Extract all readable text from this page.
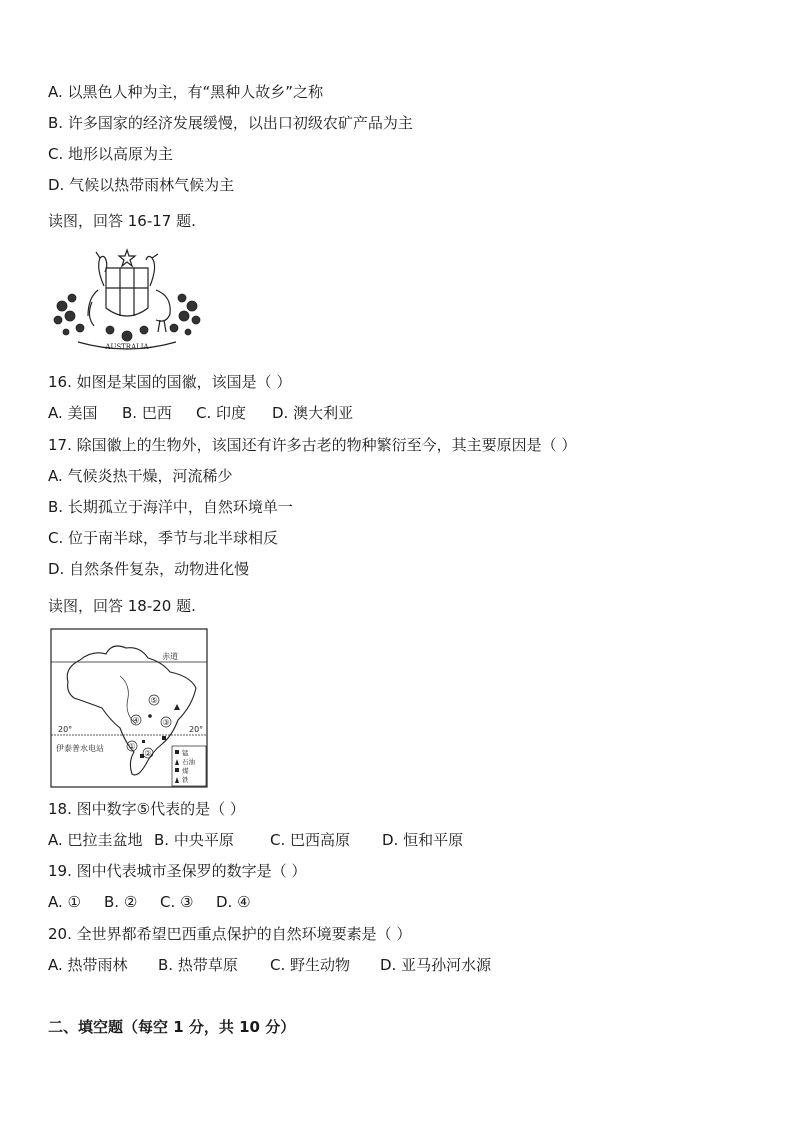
A. 以黑色人种为主，有“黑种人故乡”之称
B. 许多国家的经济发展缓慢，以出口初级农矿产品为主
C. 地形以高原为主
D. 气候以热带雨林气候为主
读图，回答 16-17 题.
AUSTRALIA
16. 如图是某国的国徽，该国是（ ）
A. 美国 B. 巴西 C. 印度 D. 澳大利亚
17. 除国徽上的生物外，该国还有许多古老的物种繁衍至今，其主要原因是（ ）
A. 气候炎热干燥，河流稀少
B. 长期孤立于海洋中，自然环境单一
C. 位于南半球，季节与北半球相反
D. 自然条件复杂，动物进化慢
读图，回答 18-20 题.
赤道
20°	20°
①
②
③
④
⑤
伊泰普水电站	锰
石油
煤
铁
18. 图中数字⑤代表的是（ ）
A. 巴拉圭盆地 B. 中央平原 C. 巴西高原 D. 恒和平原
19. 图中代表城市圣保罗的数字是（ ）
A. ① B. ② C. ③ D. ④
20. 全世界都希望巴西重点保护的自然环境要素是（ ）
A. 热带雨林 B. 热带草原 C. 野生动物 D. 亚马孙河水源
二、填空题（每空 1 分，共 10 分）
